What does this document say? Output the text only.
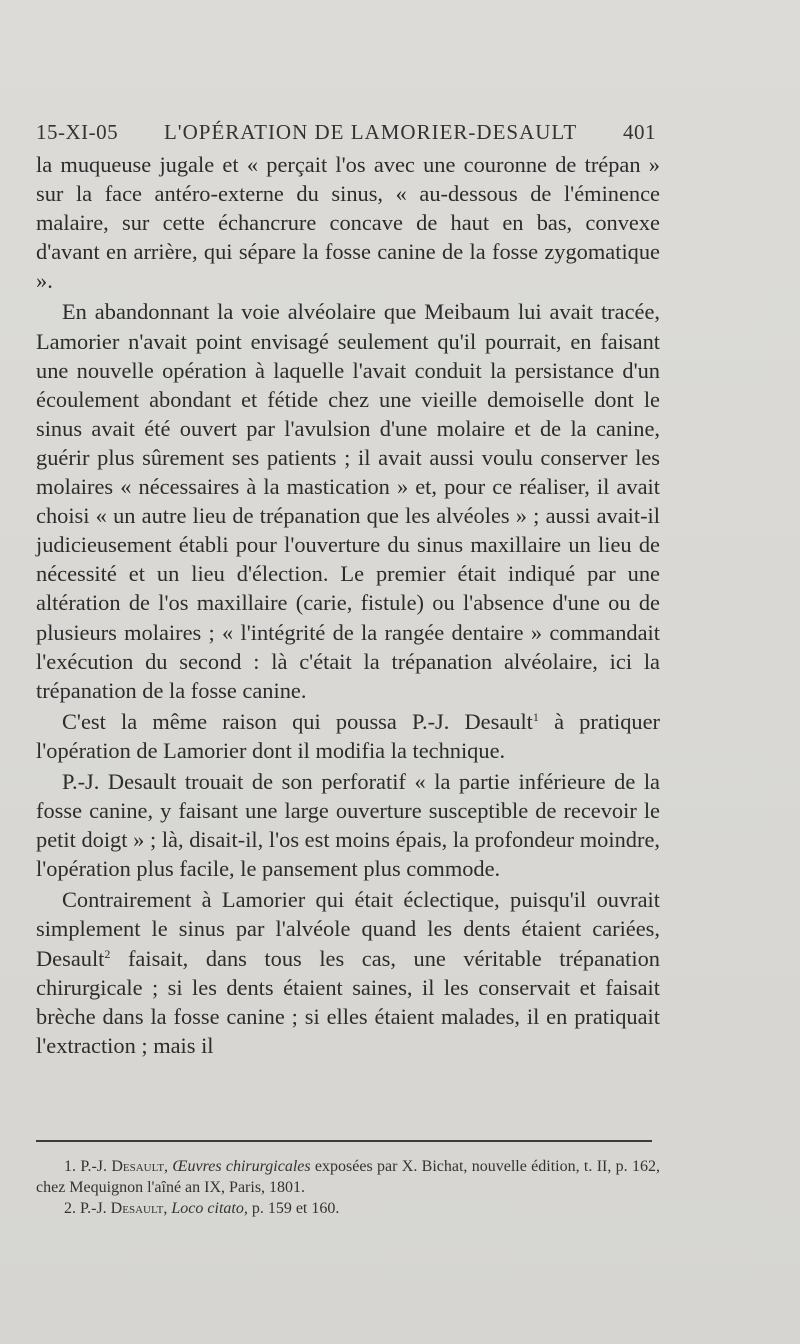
15-XI-05 L'OPÉRATION DE LAMORIER-DESAULT 401

la muqueuse jugale et « perçait l'os avec une couronne de trépan » sur la face antéro-externe du sinus, « au-dessous de l'éminence malaire, sur cette échancrure concave de haut en bas, convexe d'avant en arrière, qui sépare la fosse canine de la fosse zygomatique ».

En abandonnant la voie alvéolaire que Meibaum lui avait tracée, Lamorier n'avait point envisagé seulement qu'il pourrait, en faisant une nouvelle opération à laquelle l'avait conduit la persistance d'un écoulement abondant et fétide chez une vieille demoiselle dont le sinus avait été ouvert par l'avulsion d'une molaire et de la canine, guérir plus sûrement ses patients ; il avait aussi voulu conserver les molaires « nécessaires à la mastication » et, pour ce réaliser, il avait choisi « un autre lieu de trépanation que les alvéoles » ; aussi avait-il judicieusement établi pour l'ouverture du sinus maxillaire un lieu de nécessité et un lieu d'élection. Le premier était indiqué par une altération de l'os maxillaire (carie, fistule) ou l'absence d'une ou de plusieurs molaires ; « l'intégrité de la rangée dentaire » commandait l'exécution du second : là c'était la trépanation alvéolaire, ici la trépanation de la fosse canine.

C'est la même raison qui poussa P.-J. Desault$^1$ à pratiquer l'opération de Lamorier dont il modifia la technique.

P.-J. Desault trouait de son perforatif « la partie inférieure de la fosse canine, y faisant une large ouverture susceptible de recevoir le petit doigt » ; là, disait-il, l'os est moins épais, la profondeur moindre, l'opération plus facile, le pansement plus commode.

Contrairement à Lamorier qui était éclectique, puisqu'il ouvrait simplement le sinus par l'alvéole quand les dents étaient cariées, Desault$^2$ faisait, dans tous les cas, une véritable trépanation chirurgicale ; si les dents étaient saines, il les conservait et faisait brèche dans la fosse canine ; si elles étaient malades, il en pratiquait l'extraction ; mais il

1. P.-J. Desault, Œuvres chirurgicales exposées par X. Bichat, nouvelle édition, t. II, p. 162, chez Mequignon l'aîné an IX, Paris, 1801.
2. P.-J. Desault, Loco citato, p. 159 et 160.
